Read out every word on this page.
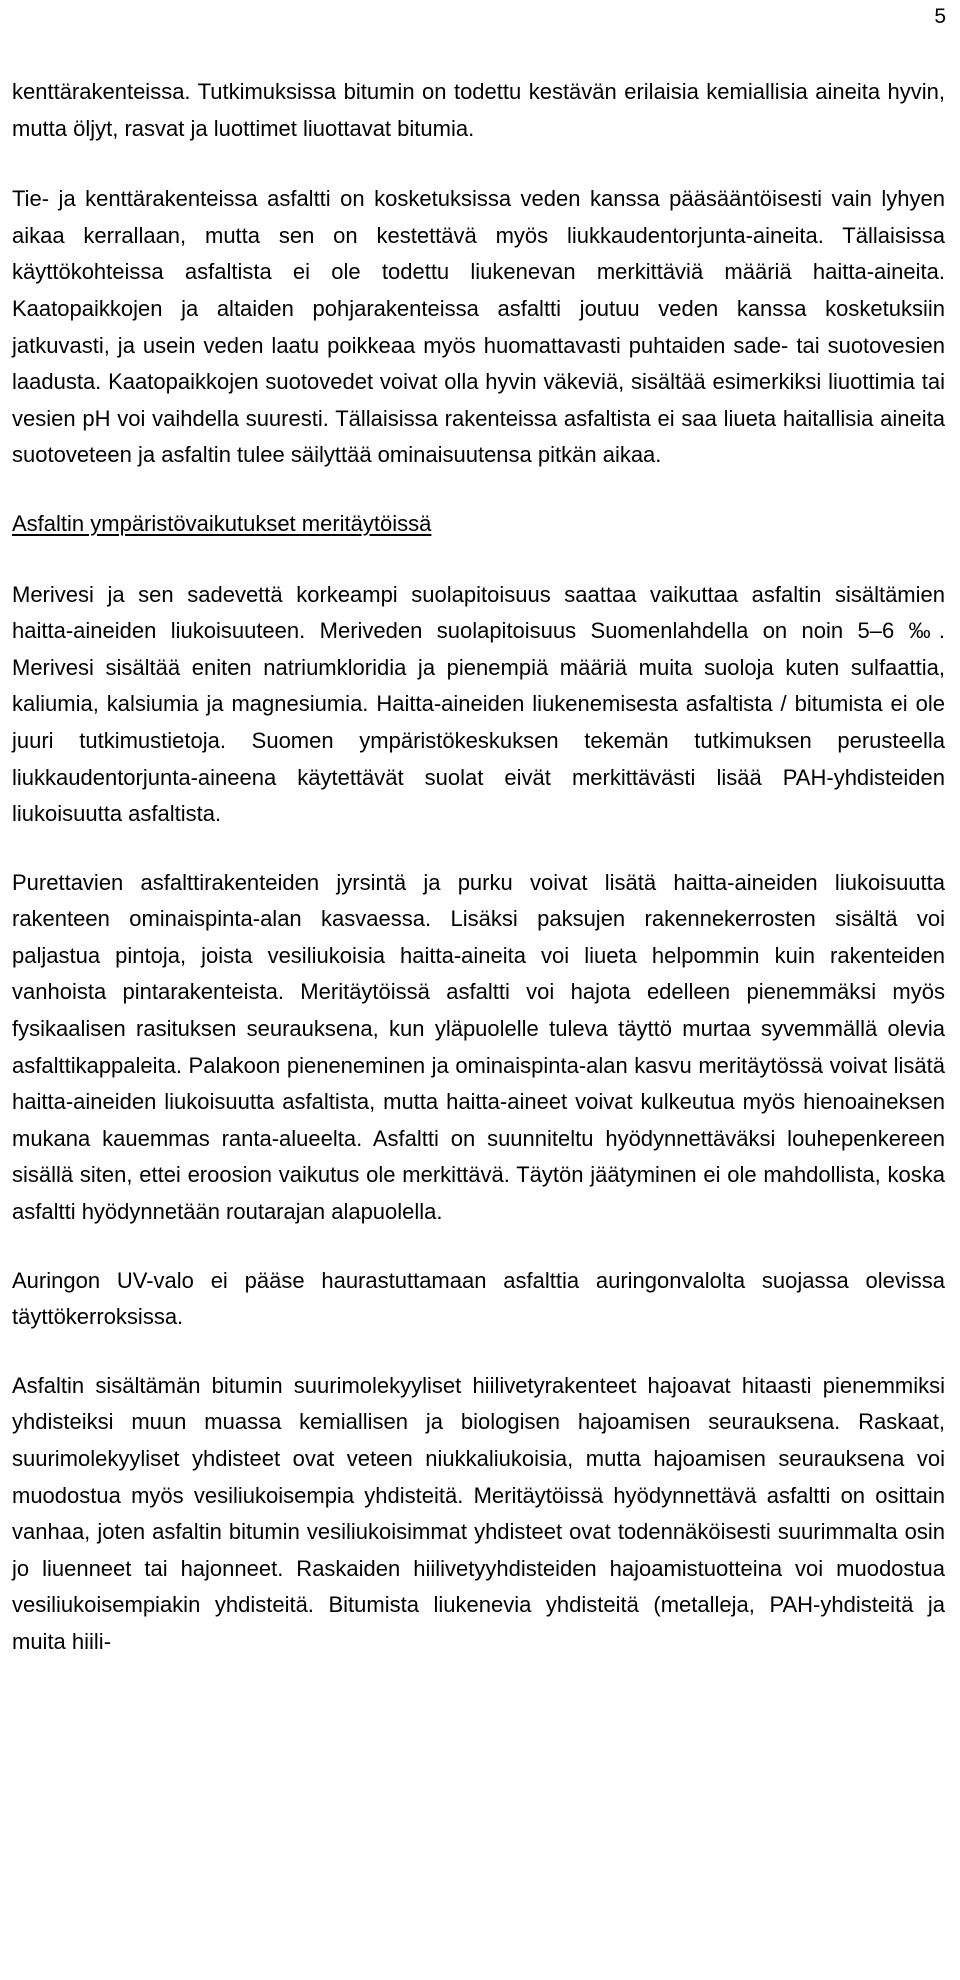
5

kenttärakenteissa. Tutkimuksissa bitumin on todettu kestävän erilaisia kemiallisia aineita hyvin, mutta öljyt, rasvat ja luottimet liuottavat bitumia.

Tie- ja kenttärakenteissa asfaltti on kosketuksissa veden kanssa pääsääntöisesti vain lyhyen aikaa kerrallaan, mutta sen on kestettävä myös liukkaudentorjunta-aineita. Tällaisissa käyttökohteissa asfaltista ei ole todettu liukenevan merkittäviä määriä haitta-aineita. Kaatopaikkojen ja altaiden pohjarakenteissa asfaltti joutuu veden kanssa kosketuksiin jatkuvasti, ja usein veden laatu poikkeaa myös huomattavasti puhtaiden sade- tai suotovesien laadusta. Kaatopaikkojen suotovedet voivat olla hyvin väkeviä, sisältää esimerkiksi liuottimia tai vesien pH voi vaihdella suuresti. Tällaisissa rakenteissa asfaltista ei saa liueta haitallisia aineita suotoveteen ja asfaltin tulee säilyttää ominaisuutensa pitkän aikaa.

Asfaltin ympäristövaikutukset meritäytöissä

Merivesi ja sen sadevettä korkeampi suolapitoisuus saattaa vaikuttaa asfaltin sisältämien haitta-aineiden liukoisuuteen. Meriveden suolapitoisuus Suomenlahdella on noin 5–6 ‰. Merivesi sisältää eniten natriumkloridia ja pienempiä määriä muita suoloja kuten sulfaattia, kaliumia, kalsiumia ja magnesiumia. Haitta-aineiden liukenemisesta asfaltista / bitumista ei ole juuri tutkimustietoja. Suomen ympäristökeskuksen tekemän tutkimuksen perusteella liukkaudentorjunta-aineena käytettävät suolat eivät merkittävästi lisää PAH-yhdisteiden liukoisuutta asfaltista.

Purettavien asfalttirakenteiden jyrsintä ja purku voivat lisätä haitta-aineiden liukoisuutta rakenteen ominaispinta-alan kasvaessa. Lisäksi paksujen rakennekerrosten sisältä voi paljastua pintoja, joista vesiliukoisia haitta-aineita voi liueta helpommin kuin rakenteiden vanhoista pintarakenteista. Meritäytöissä asfaltti voi hajota edelleen pienemmäksi myös fysikaalisen rasituksen seurauksena, kun yläpuolelle tuleva täyttö murtaa syvemmällä olevia asfalttikappaleita. Palakoon pieneneminen ja ominaispinta-alan kasvu meritäytössä voivat lisätä haitta-aineiden liukoisuutta asfaltista, mutta haitta-aineet voivat kulkeutua myös hienoaineksen mukana kauemmas ranta-alueelta. Asfaltti on suunniteltu hyödynnettäväksi louhepenkereen sisällä siten, ettei eroosion vaikutus ole merkittävä. Täytön jäätyminen ei ole mahdollista, koska asfaltti hyödynnetään routarajan alapuolella.

Auringon UV-valo ei pääse haurastuttamaan asfalttia auringonvalolta suojassa olevissa täyttökerroksissa.

Asfaltin sisältämän bitumin suurimolekyyliset hiilivetyrakenteet hajoavat hitaasti pienemmiksi yhdisteiksi muun muassa kemiallisen ja biologisen hajoamisen seurauksena. Raskaat, suurimolekyyliset yhdisteet ovat veteen niukkaliukoisia, mutta hajoamisen seurauksena voi muodostua myös vesiliukoisempia yhdisteitä. Meritäytöissä hyödynnettävä asfaltti on osittain vanhaa, joten asfaltin bitumin vesiliukoisimmat yhdisteet ovat todennäköisesti suurimmalta osin jo liuenneet tai hajonneet. Raskaiden hiilivetyyhdisteiden hajoamistuotteina voi muodostua vesiliukoisempiakin yhdisteitä. Bitumista liukenevia yhdisteitä (metalleja, PAH-yhdisteitä ja muita hiili-
